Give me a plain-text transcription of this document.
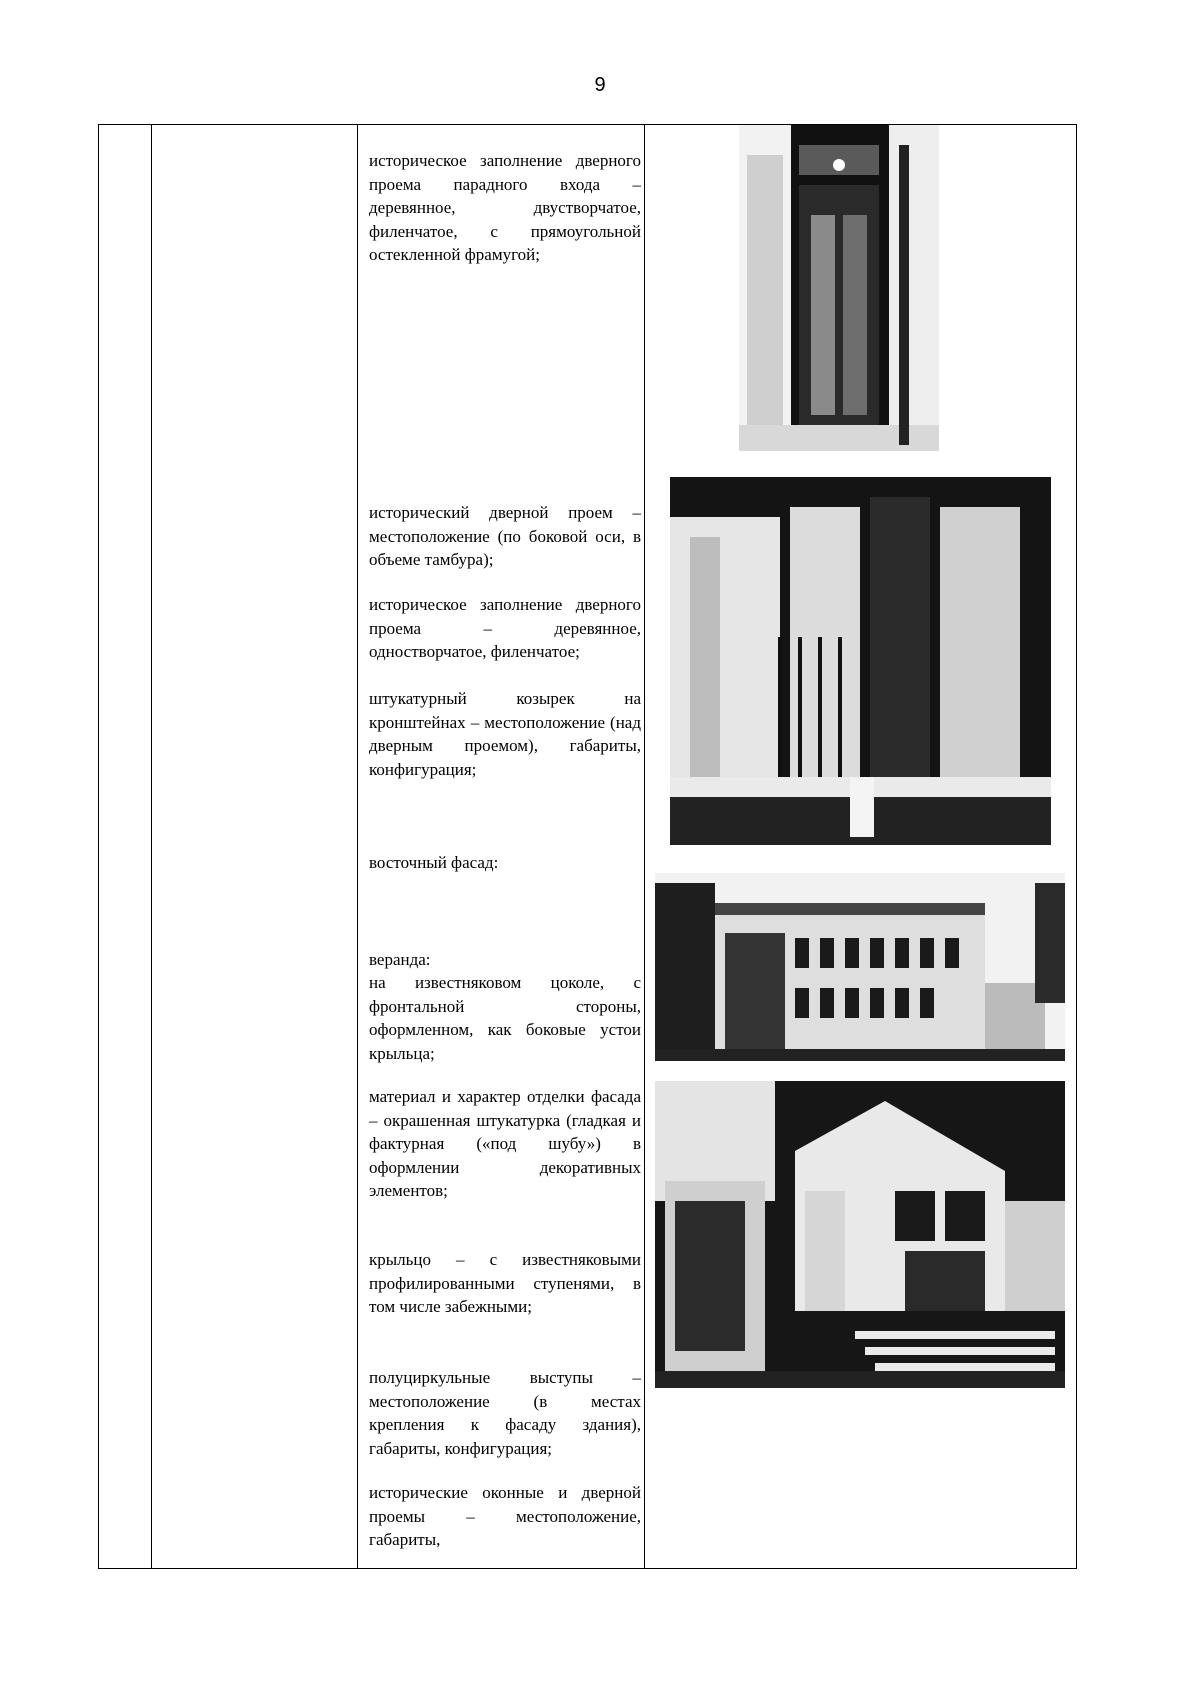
9

историческое заполнение дверного проема парадного входа – деревянное, двустворчатое, филенчатое, с прямоугольной остекленной фрамугой;

исторический дверной проем – местоположение (по боковой оси, в объеме тамбура);

историческое заполнение дверного проема – деревянное, одностворчатое, филенчатое;

штукатурный козырек на кронштейнах – местоположение (над дверным проемом), габариты, конфигурация;

восточный фасад:

веранда:

на известняковом цоколе, с фронтальной стороны, оформленном, как боковые устои крыльца;

материал и характер отделки фасада – окрашенная штукатурка (гладкая и фактурная («под шубу») в оформлении декоративных элементов;

крыльцо – с известняковыми профилированными ступенями, в том числе забежными;

полуциркульные выступы – местоположение (в местах крепления к фасаду здания), габариты, конфигурация;

исторические оконные и дверной проемы – местоположение, габариты,
